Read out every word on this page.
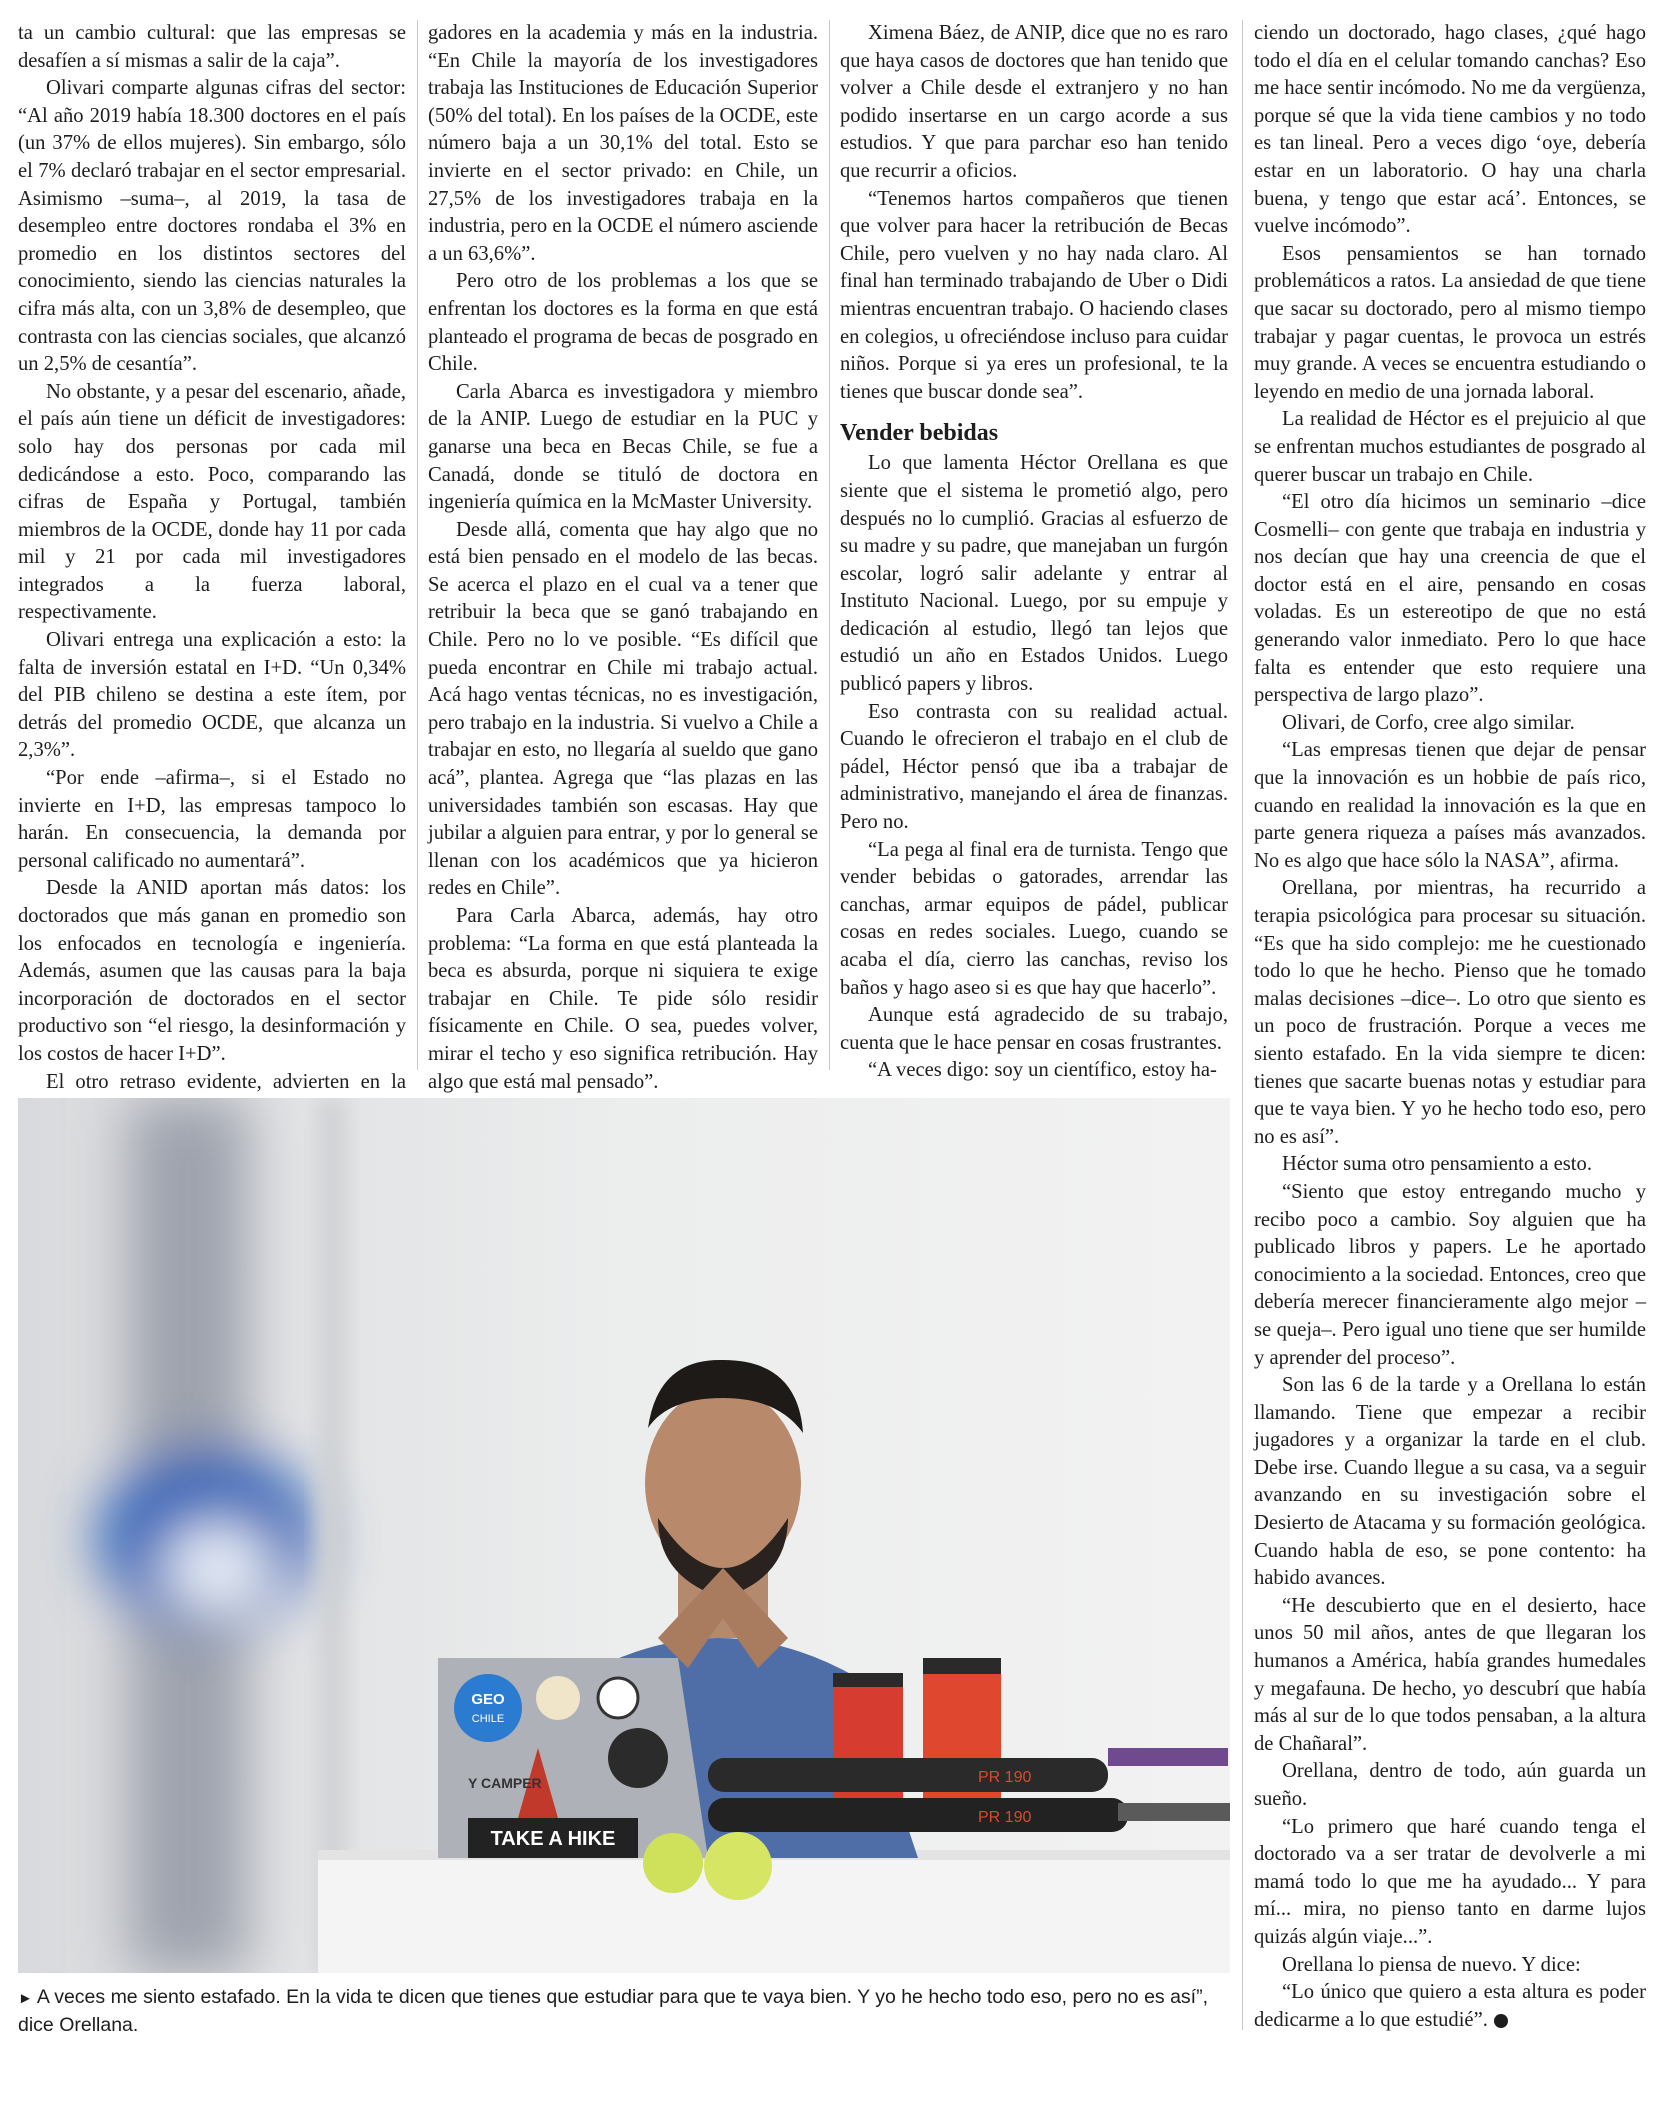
ta un cambio cultural: que las empresas se desafíen a sí mismas a salir de la caja”.

Olivari comparte algunas cifras del sector: “Al año 2019 había 18.300 doctores en el país (un 37% de ellos mujeres). Sin embargo, sólo el 7% declaró trabajar en el sector empresarial. Asimismo –suma–, al 2019, la tasa de desempleo entre doctores rondaba el 3% en promedio en los distintos sectores del conocimiento, siendo las ciencias naturales la cifra más alta, con un 3,8% de desempleo, que contrasta con las ciencias sociales, que alcanzó un 2,5% de cesantía”.

No obstante, y a pesar del escenario, añade, el país aún tiene un déficit de investigadores: solo hay dos personas por cada mil dedicándose a esto. Poco, comparando las cifras de España y Portugal, también miembros de la OCDE, donde hay 11 por cada mil y 21 por cada mil investigadores integrados a la fuerza laboral, respectivamente.

Olivari entrega una explicación a esto: la falta de inversión estatal en I+D. “Un 0,34% del PIB chileno se destina a este ítem, por detrás del promedio OCDE, que alcanza un 2,3%”.

“Por ende –afirma–, si el Estado no invierte en I+D, las empresas tampoco lo harán. En consecuencia, la demanda por personal calificado no aumentará”.

Desde la ANID aportan más datos: los doctorados que más ganan en promedio son los enfocados en tecnología e ingeniería. Además, asumen que las causas para la baja incorporación de doctorados en el sector productivo son “el riesgo, la desinformación y los costos de hacer I+D”.

El otro retraso evidente, advierten en la

gadores en la academia y más en la industria. “En Chile la mayoría de los investigadores trabaja las Instituciones de Educación Superior (50% del total). En los países de la OCDE, este número baja a un 30,1% del total. Esto se invierte en el sector privado: en Chile, un 27,5% de los investigadores trabaja en la industria, pero en la OCDE el número asciende a un 63,6%”.

Pero otro de los problemas a los que se enfrentan los doctores es la forma en que está planteado el programa de becas de posgrado en Chile.

Carla Abarca es investigadora y miembro de la ANIP. Luego de estudiar en la PUC y ganarse una beca en Becas Chile, se fue a Canadá, donde se tituló de doctora en ingeniería química en la McMaster University.

Desde allá, comenta que hay algo que no está bien pensado en el modelo de las becas. Se acerca el plazo en el cual va a tener que retribuir la beca que se ganó trabajando en Chile. Pero no lo ve posible. “Es difícil que pueda encontrar en Chile mi trabajo actual. Acá hago ventas técnicas, no es investigación, pero trabajo en la industria. Si vuelvo a Chile a trabajar en esto, no llegaría al sueldo que gano acá”, plantea. Agrega que “las plazas en las universidades también son escasas. Hay que jubilar a alguien para entrar, y por lo general se llenan con los académicos que ya hicieron redes en Chile”.

Para Carla Abarca, además, hay otro problema: “La forma en que está planteada la beca es absurda, porque ni siquiera te exige trabajar en Chile. Te pide sólo residir físicamente en Chile. O sea, puedes volver, mirar el techo y eso significa retribución. Hay algo que está mal pensado”.

Ximena Báez, de ANIP, dice que no es raro que haya casos de doctores que han tenido que volver a Chile desde el extranjero y no han podido insertarse en un cargo acorde a sus estudios. Y que para parchar eso han tenido que recurrir a oficios.

“Tenemos hartos compañeros que tienen que volver para hacer la retribución de Becas Chile, pero vuelven y no hay nada claro. Al final han terminado trabajando de Uber o Didi mientras encuentran trabajo. O haciendo clases en colegios, u ofreciéndose incluso para cuidar niños. Porque si ya eres un profesional, te la tienes que buscar donde sea”.

Vender bebidas

Lo que lamenta Héctor Orellana es que siente que el sistema le prometió algo, pero después no lo cumplió. Gracias al esfuerzo de su madre y su padre, que manejaban un furgón escolar, logró salir adelante y entrar al Instituto Nacional. Luego, por su empuje y dedicación al estudio, llegó tan lejos que estudió un año en Estados Unidos. Luego publicó papers y libros.

Eso contrasta con su realidad actual. Cuando le ofrecieron el trabajo en el club de pádel, Héctor pensó que iba a trabajar de administrativo, manejando el área de finanzas. Pero no.

“La pega al final era de turnista. Tengo que vender bebidas o gatorades, arrendar las canchas, armar equipos de pádel, publicar cosas en redes sociales. Luego, cuando se acaba el día, cierro las canchas, reviso los baños y hago aseo si es que hay que hacerlo”.

Aunque está agradecido de su trabajo, cuenta que le hace pensar en cosas frustrantes.

“A veces digo: soy un científico, estoy ha-

ciendo un doctorado, hago clases, ¿qué hago todo el día en el celular tomando canchas? Eso me hace sentir incómodo. No me da vergüenza, porque sé que la vida tiene cambios y no todo es tan lineal. Pero a veces digo ‘oye, debería estar en un laboratorio. O hay una charla buena, y tengo que estar acá’. Entonces, se vuelve incómodo”.

Esos pensamientos se han tornado problemáticos a ratos. La ansiedad de que tiene que sacar su doctorado, pero al mismo tiempo trabajar y pagar cuentas, le provoca un estrés muy grande. A veces se encuentra estudiando o leyendo en medio de una jornada laboral.

La realidad de Héctor es el prejuicio al que se enfrentan muchos estudiantes de posgrado al querer buscar un trabajo en Chile.

“El otro día hicimos un seminario –dice Cosmelli– con gente que trabaja en industria y nos decían que hay una creencia de que el doctor está en el aire, pensando en cosas voladas. Es un estereotipo de que no está generando valor inmediato. Pero lo que hace falta es entender que esto requiere una perspectiva de largo plazo”.

Olivari, de Corfo, cree algo similar.

“Las empresas tienen que dejar de pensar que la innovación es un hobbie de país rico, cuando en realidad la innovación es la que en parte genera riqueza a países más avanzados. No es algo que hace sólo la NASA”, afirma.

Orellana, por mientras, ha recurrido a terapia psicológica para procesar su situación. “Es que ha sido complejo: me he cuestionado todo lo que he hecho. Pienso que he tomado malas decisiones –dice–. Lo otro que siento es un poco de frustración. Porque a veces me siento estafado. En la vida siempre te dicen: tienes que sacarte buenas notas y estudiar para que te vaya bien. Y yo he hecho todo eso, pero no es así”.

Héctor suma otro pensamiento a esto.

“Siento que estoy entregando mucho y recibo poco a cambio. Soy alguien que ha publicado libros y papers. Le he aportado conocimiento a la sociedad. Entonces, creo que debería merecer financieramente algo mejor –se queja–. Pero igual uno tiene que ser humilde y aprender del proceso”.

Son las 6 de la tarde y a Orellana lo están llamando. Tiene que empezar a recibir jugadores y a organizar la tarde en el club. Debe irse. Cuando llegue a su casa, va a seguir avanzando en su investigación sobre el Desierto de Atacama y su formación geológica. Cuando habla de eso, se pone contento: ha habido avances.

“He descubierto que en el desierto, hace unos 50 mil años, antes de que llegaran los humanos a América, había grandes humedales y megafauna. De hecho, yo descubrí que había más al sur de lo que todos pensaban, a la altura de Chañaral”.

Orellana, dentro de todo, aún guarda un sueño.

“Lo primero que haré cuando tenga el doctorado va a ser tratar de devolverle a mi mamá todo lo que me ha ayudado... Y para mí... mira, no pienso tanto en darme lujos quizás algún viaje...”.

Orellana lo piensa de nuevo. Y dice:

“Lo único que quiero a esta altura es poder dedicarme a lo que estudié”.	●

GEO
CHILE
Y CAMPER
TAKE A HIKE
PR 190
PR 190
► A veces me siento estafado. En la vida te dicen que tienes que estudiar para que te vaya bien. Y yo he hecho todo eso, pero no es así”, dice Orellana.
